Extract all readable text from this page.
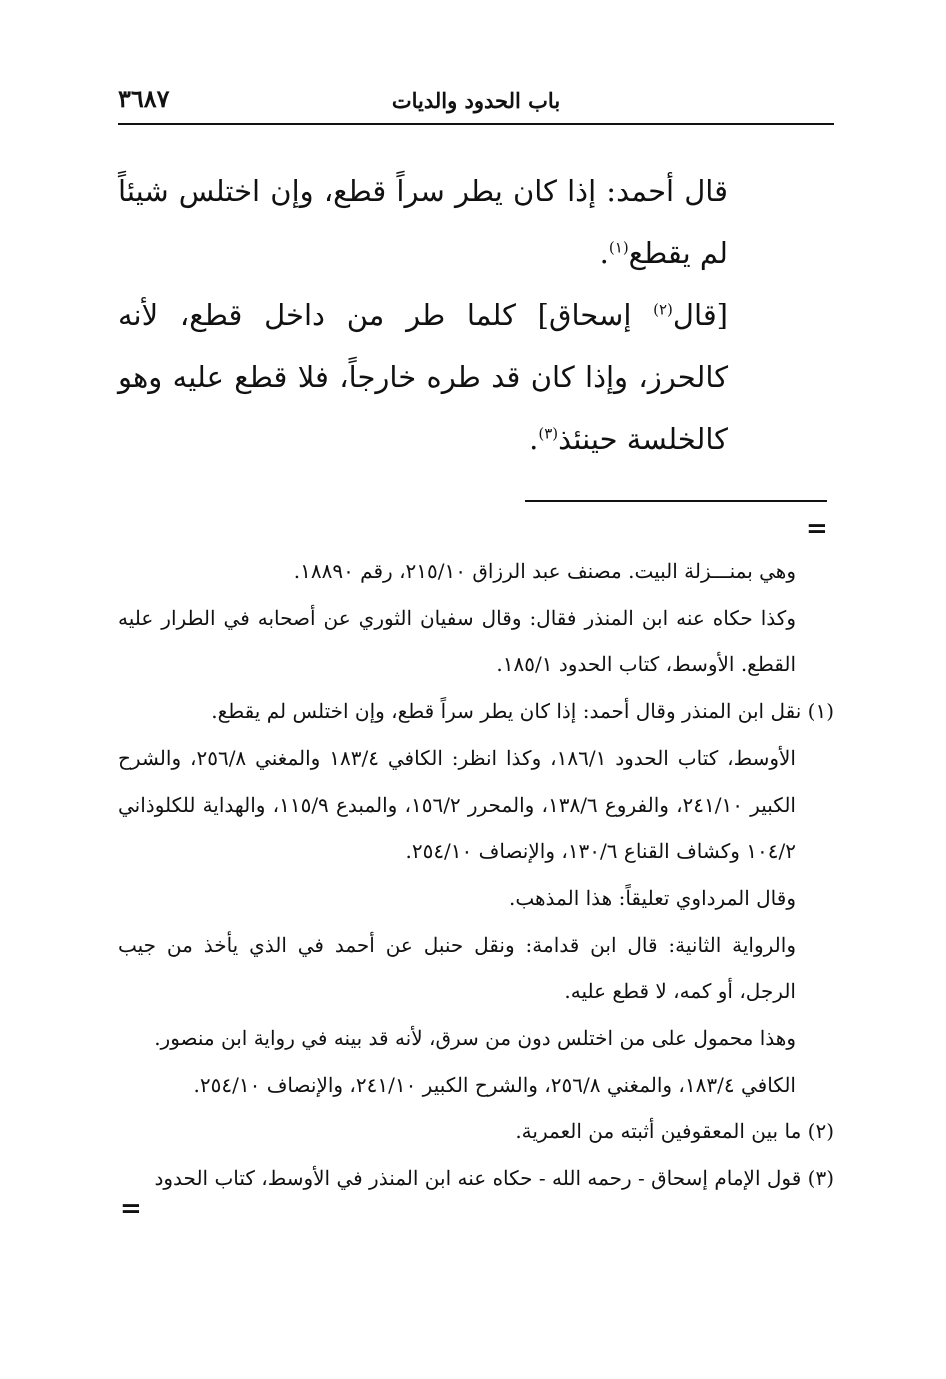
باب الحدود والديات
٣٦٨٧

قال أحمد: إذا كان يطر سراً قطع، وإن اختلس شيئاً لم يقطع$^{(١)}$.

[قال$^{(٢)}$ إسحاق] كلما طر من داخل قطع، لأنه كالحرز، وإذا كان قد طره خارجاً، فلا قطع عليه وهو كالخلسة حينئذ$^{(٣)}$.

=

وهي بمنـــزلة البيت. مصنف عبد الرزاق ٢١٥/١٠، رقم ١٨٨٩٠.

وكذا حكاه عنه ابن المنذر فقال: وقال سفيان الثوري عن أصحابه في الطرار عليه القطع. الأوسط، كتاب الحدود ١٨٥/١.

(١) نقل ابن المنذر وقال أحمد: إذا كان يطر سراً قطع، وإن اختلس لم يقطع.

الأوسط، كتاب الحدود ١٨٦/١، وكذا انظر: الكافي ١٨٣/٤ والمغني ٢٥٦/٨، والشرح الكبير ٢٤١/١٠، والفروع ١٣٨/٦، والمحرر ١٥٦/٢، والمبدع ١١٥/٩، والهداية للكلوذاني ١٠٤/٢ وكشاف القناع ١٣٠/٦، والإنصاف ٢٥٤/١٠.

وقال المرداوي تعليقاً: هذا المذهب.

والرواية الثانية: قال ابن قدامة: ونقل حنبل عن أحمد في الذي يأخذ من جيب الرجل، أو كمه، لا قطع عليه.

وهذا محمول على من اختلس دون من سرق، لأنه قد بينه في رواية ابن منصور.

الكافي ١٨٣/٤، والمغني ٢٥٦/٨، والشرح الكبير ٢٤١/١٠، والإنصاف ٢٥٤/١٠.

(٢) ما بين المعقوفين أثبته من العمرية.

(٣) قول الإمام إسحاق - رحمه الله - حكاه عنه ابن المنذر في الأوسط، كتاب الحدود

=
